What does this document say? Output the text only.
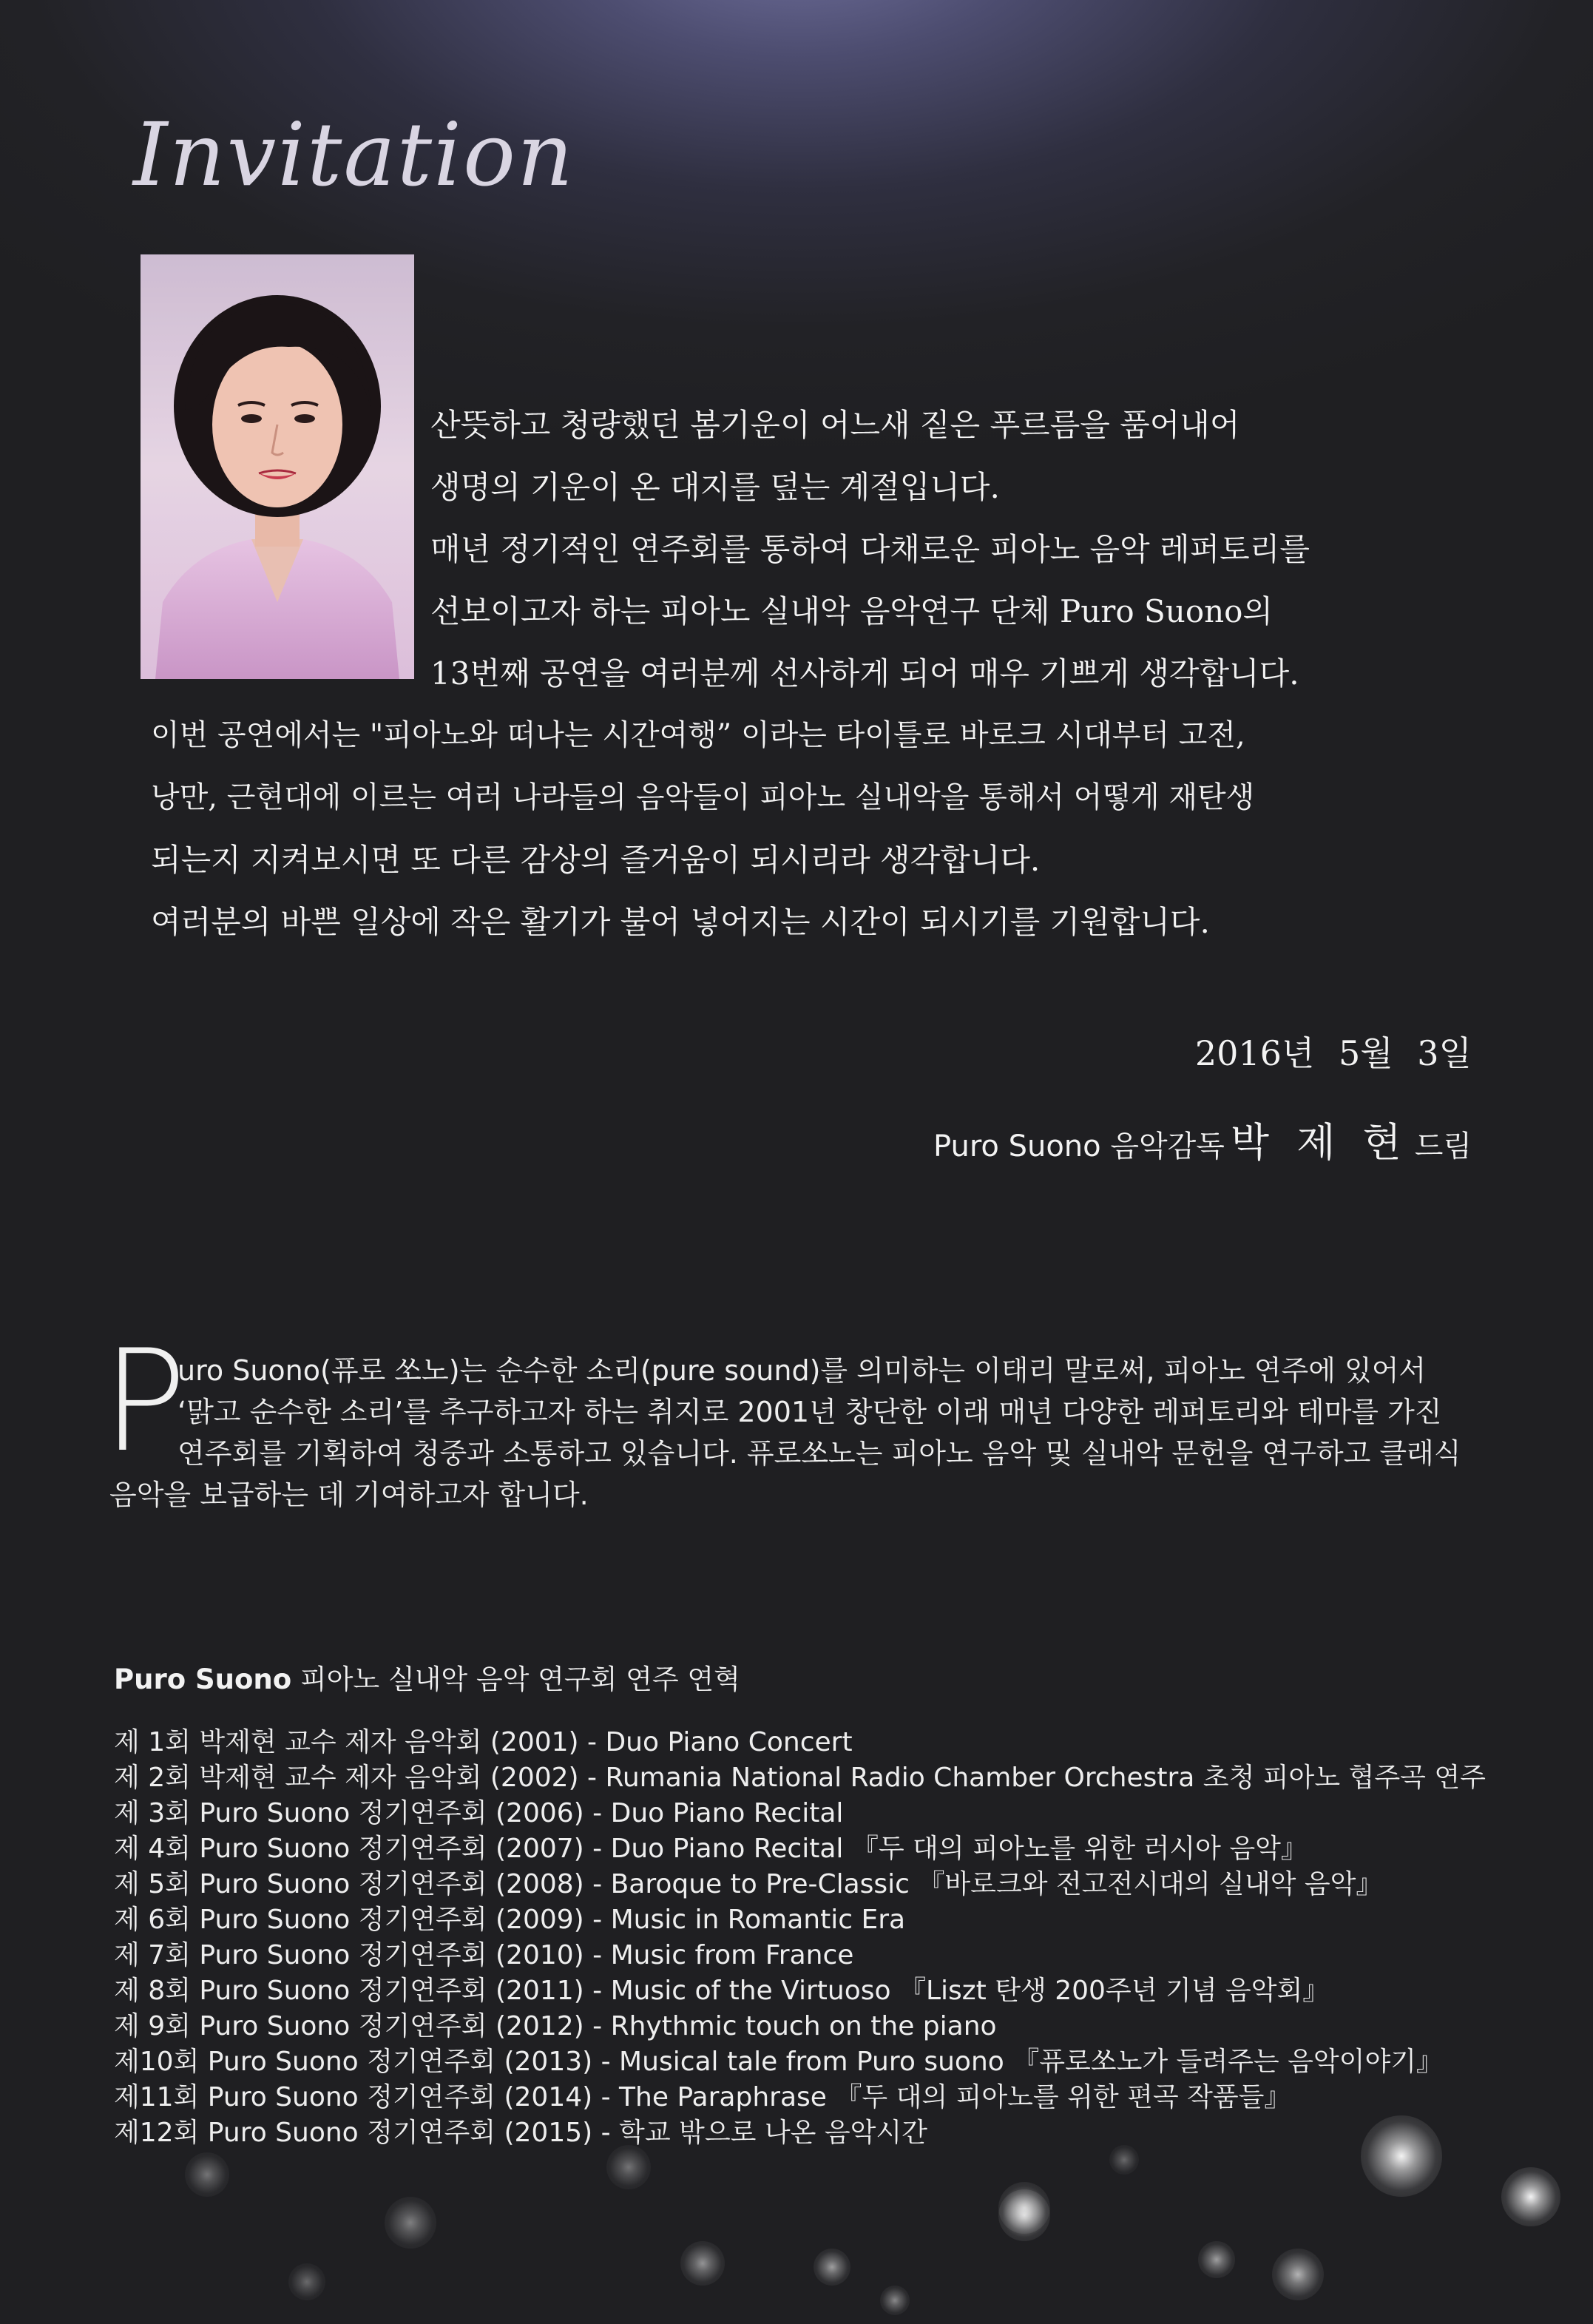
Invitation
산뜻하고 청량했던 봄기운이 어느새 짙은 푸르름을 품어내어
생명의 기운이 온 대지를 덮는 계절입니다.
매년 정기적인 연주회를 통하여 다채로운 피아노 음악 레퍼토리를
선보이고자 하는 피아노 실내악 음악연구 단체 Puro Suono의
13번째 공연을 여러분께 선사하게 되어 매우 기쁘게 생각합니다.
이번 공연에서는 "피아노와 떠나는 시간여행” 이라는 타이틀로 바로크 시대부터 고전,
낭만, 근현대에 이르는 여러 나라들의 음악들이 피아노 실내악을 통해서 어떻게 재탄생
되는지 지켜보시면 또 다른 감상의 즐거움이 되시리라 생각합니다.
여러분의 바쁜 일상에 작은 활기가 불어 넣어지는 시간이 되시기를 기원합니다.
2016년 5월 3일
Puro Suono 음악감독 박 제 현 드림
P
uro Suono(퓨로 쏘노)는 순수한 소리(pure sound)를 의미하는 이태리 말로써, 피아노 연주에 있어서
‘맑고 순수한 소리’를 추구하고자 하는 취지로 2001년 창단한 이래 매년 다양한 레퍼토리와 테마를 가진
연주회를 기획하여 청중과 소통하고 있습니다. 퓨로쏘노는 피아노 음악 및 실내악 문헌을 연구하고 클래식
음악을 보급하는 데 기여하고자 합니다.
Puro Suono 피아노 실내악 음악 연구회 연주 연혁
제 1회 박제현 교수 제자 음악회 (2001) - Duo Piano Concert
제 2회 박제현 교수 제자 음악회 (2002) - Rumania National Radio Chamber Orchestra 초청 피아노 협주곡 연주
제 3회 Puro Suono 정기연주회 (2006) - Duo Piano Recital
제 4회 Puro Suono 정기연주회 (2007) - Duo Piano Recital 『두 대의 피아노를 위한 러시아 음악』
제 5회 Puro Suono 정기연주회 (2008) - Baroque to Pre-Classic 『바로크와 전고전시대의 실내악 음악』
제 6회 Puro Suono 정기연주회 (2009) - Music in Romantic Era
제 7회 Puro Suono 정기연주회 (2010) - Music from France
제 8회 Puro Suono 정기연주회 (2011) - Music of the Virtuoso 『Liszt 탄생 200주년 기념 음악회』
제 9회 Puro Suono 정기연주회 (2012) - Rhythmic touch on the piano
제10회 Puro Suono 정기연주회 (2013) - Musical tale from Puro suono 『퓨로쏘노가 들려주는 음악이야기』
제11회 Puro Suono 정기연주회 (2014) - The Paraphrase 『두 대의 피아노를 위한 편곡 작품들』
제12회 Puro Suono 정기연주회 (2015) - 학교 밖으로 나온 음악시간
